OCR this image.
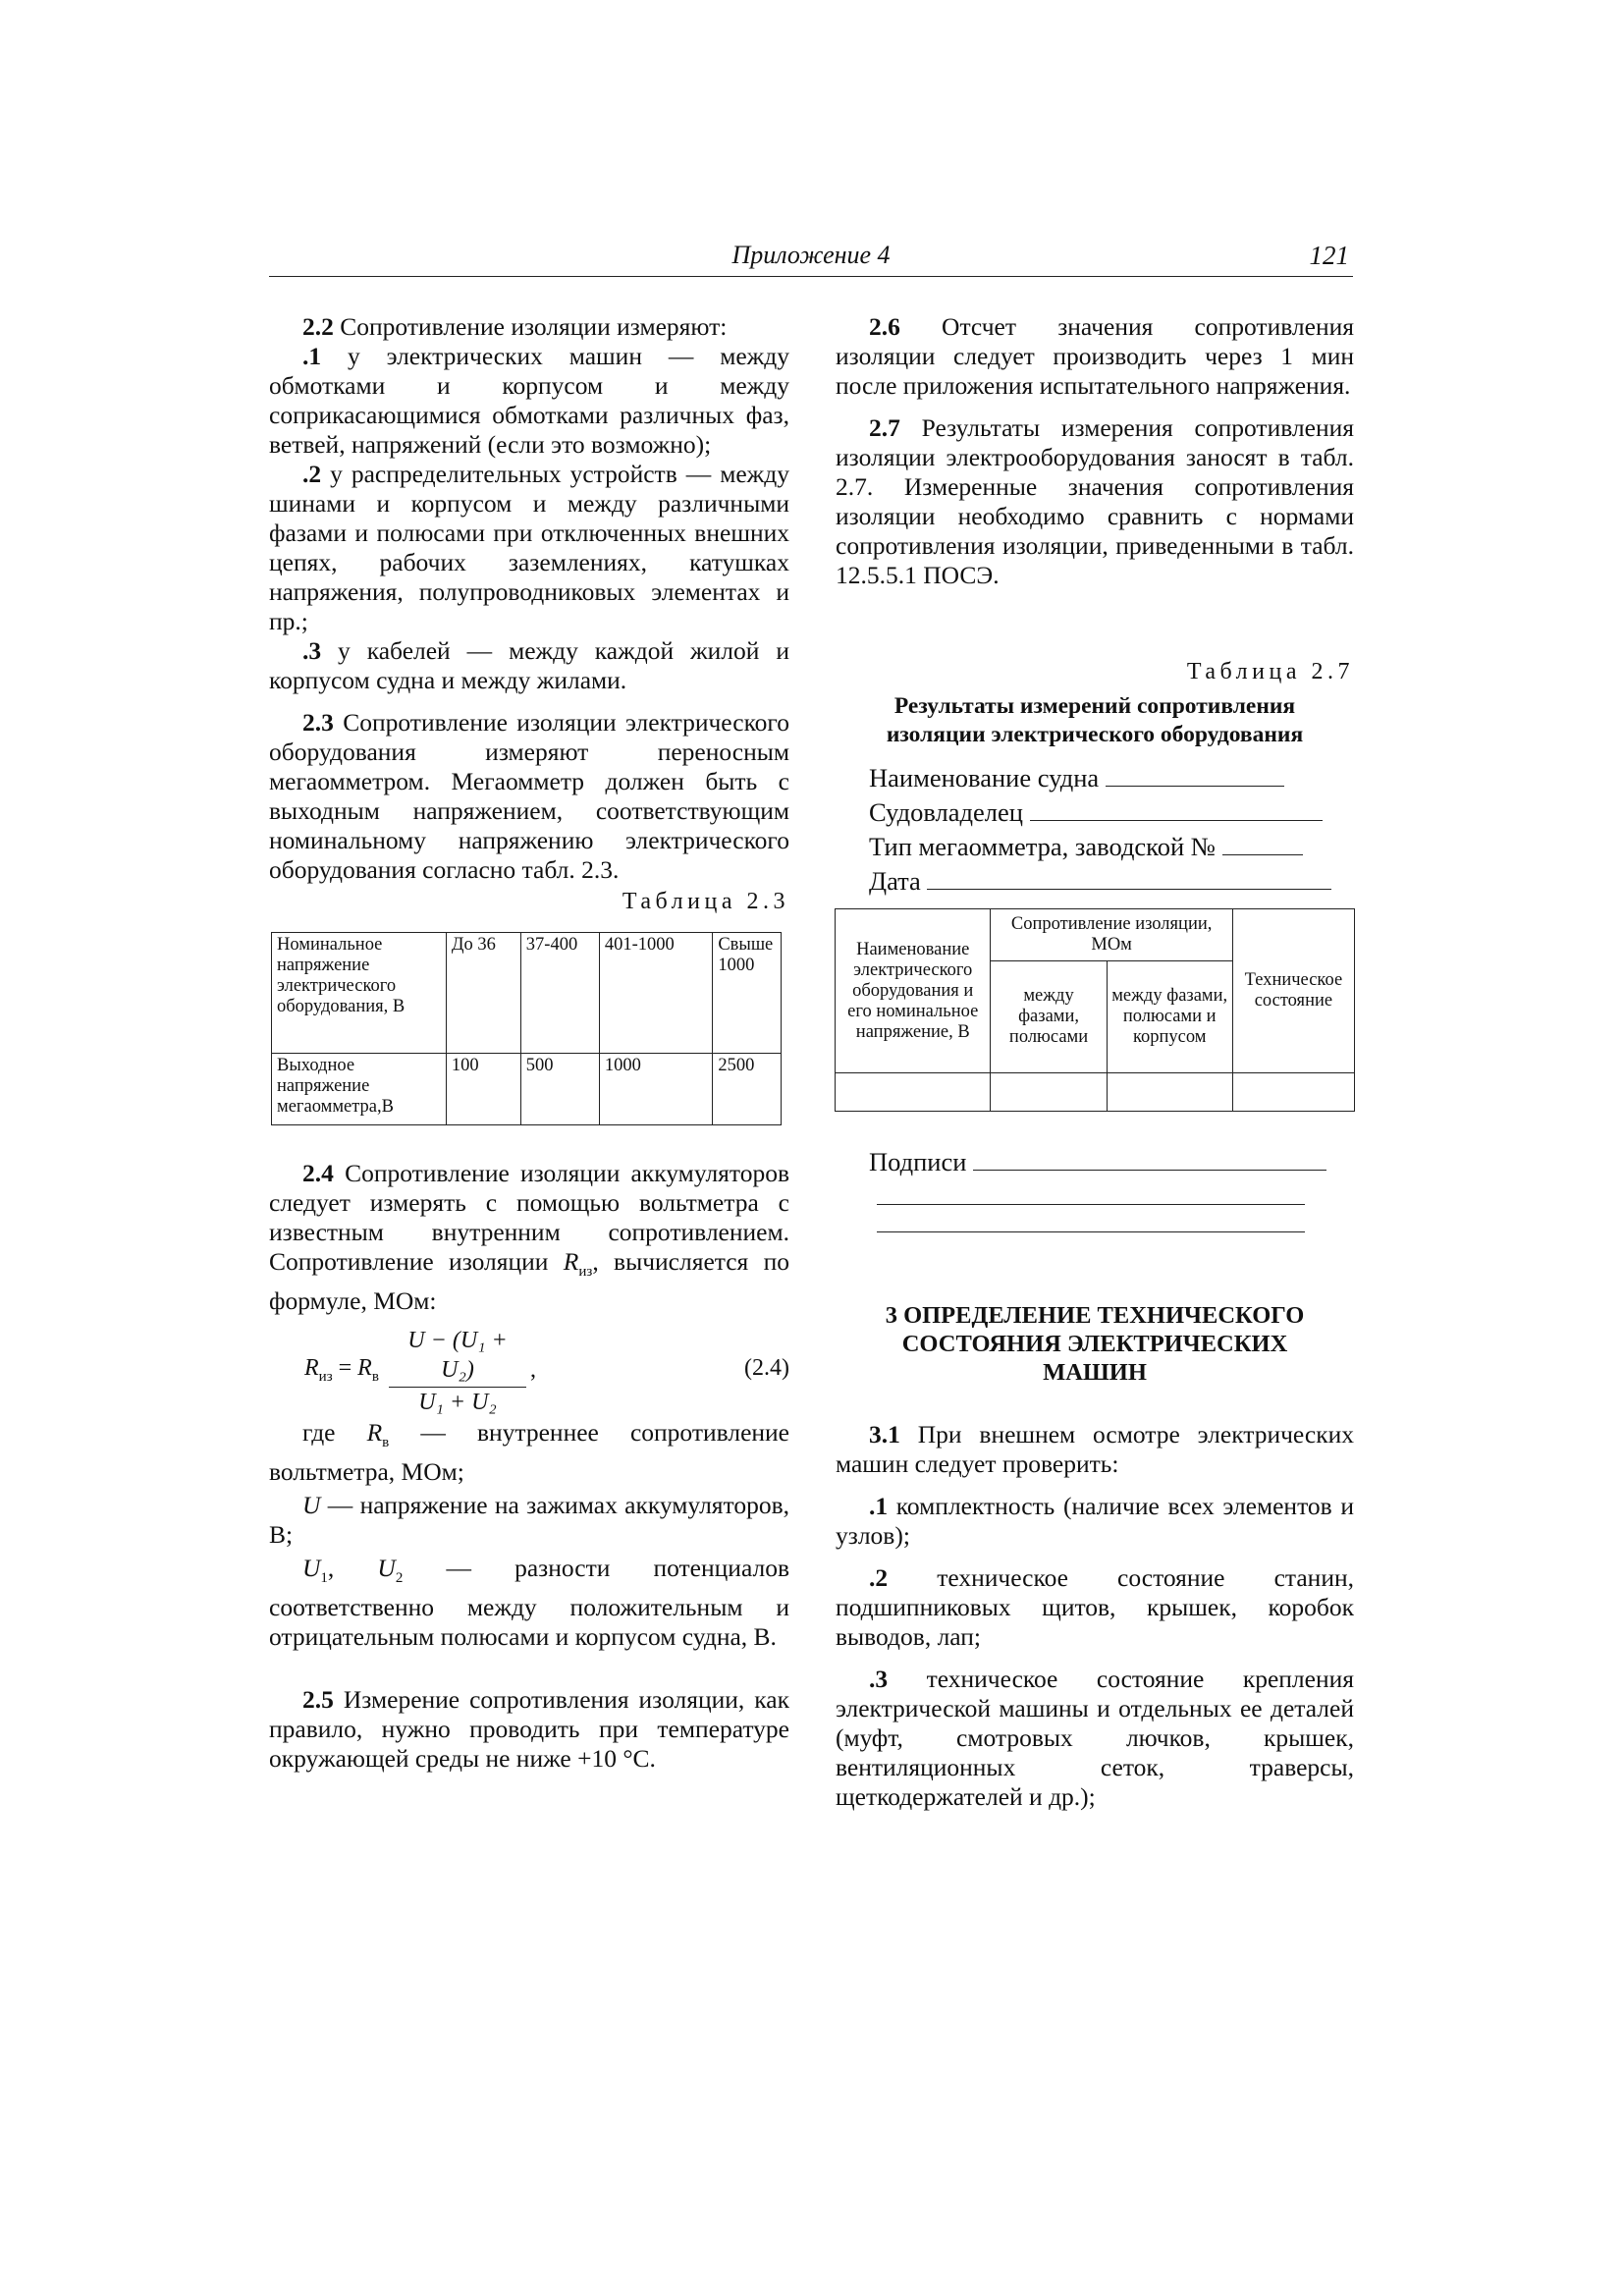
Приложение 4	121

2.2 Сопротивление изоляции измеряют:

.1 у электрических машин — между обмотками и корпусом и между соприкасающимися обмотками различных фаз, ветвей, напряжений (если это возможно);

.2 у распределительных устройств — между шинами и корпусом и между различными фазами и полюсами при отключенных внешних цепях, рабочих заземлениях, катушках напряжения, полупроводниковых элементах и пр.;

.3 у кабелей — между каждой жилой и корпусом судна и между жилами.

2.3 Сопротивление изоляции электрического оборудования измеряют переносным мегаомметром. Мегаомметр должен быть с выходным напряжением, соответствующим номинальному напряжению электрического оборудования согласно табл. 2.3.

Таблица 2.3
Номинальное напряжение электрического оборудования, В	До 36	37-400	401-1000	Свыше 1000
Выходное напряжение мегаомметра,В	100	500	1000	2500

2.4 Сопротивление изоляции аккумуляторов следует измерять с помощью вольтметра с известным внутренним сопротивлением. Сопротивление изоляции $R_{из}$, вычисляется по формуле, МОм:

$R_{из} = R_в \frac{\text{U − (U₁ + U₂)}}{\text{U₁ + U₂}}$ ,	(2.4)

где $R_в$ — внутреннее сопротивление вольтметра, МОм;

U — напряжение на зажимах аккумуляторов, В;

$U_1$, $U_2$ — разности потенциалов соответственно между положительным и отрицательным полюсами и корпусом судна, В.

2.5 Измерение сопротивления изоляции, как правило, нужно проводить при температуре окружающей среды не ниже +10 °С.

2.6 Отсчет значения сопротивления изоляции следует производить через 1 мин после приложения испытательного напряжения.

2.7 Результаты измерения сопротивления изоляции электрооборудования заносят в табл. 2.7. Измеренные значения сопротивления изоляции необходимо сравнить с нормами сопротивления изоляции, приведенными в табл. 12.5.5.1 ПОСЭ.

Таблица 2.7
Результаты измерений сопротивления
изоляции электрического оборудования
Наименование судна
Судовладелец
Тип мегаомметра, заводской №
Дата
Наименование электрического оборудования и его номинальное напряжение, В	Сопротивление изоляции, МОм		Техническое состояние
	между фазами, полюсами	между фазами, полюсами и корпусом	

Подписи
3 ОПРЕДЕЛЕНИЕ ТЕХНИЧЕСКОГО
СОСТОЯНИЯ ЭЛЕКТРИЧЕСКИХ
МАШИН

3.1 При внешнем осмотре электрических машин следует проверить:

.1 комплектность (наличие всех элементов и узлов);

.2 техническое состояние станин, подшипниковых щитов, крышек, коробок выводов, лап;

.3 техническое состояние крепления электрической машины и отдельных ее деталей (муфт, смотровых лючков, крышек, вентиляционных сеток, траверсы, щеткодержателей и др.);
